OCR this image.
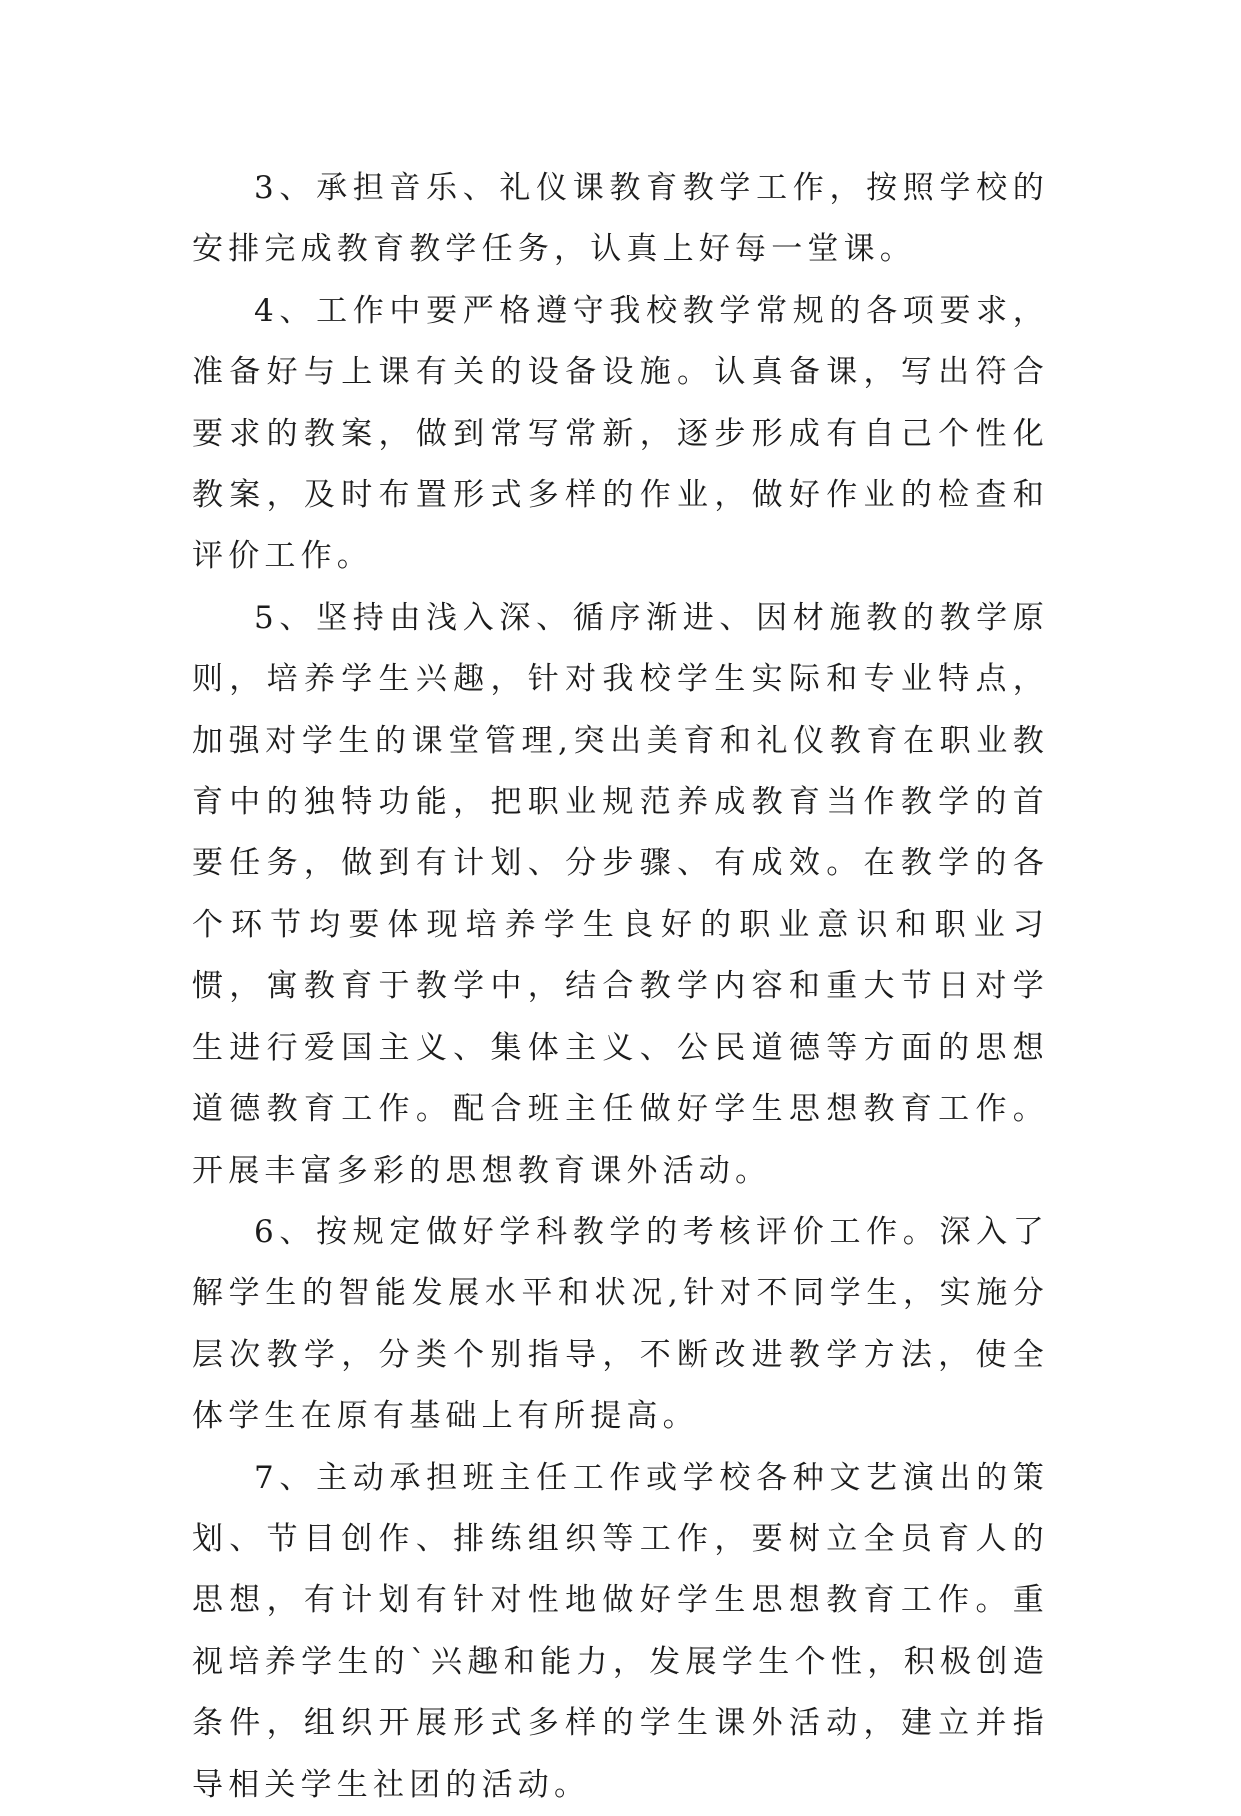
3、承担音乐、礼仪课教育教学工作，按照学校的安排完成教育教学任务，认真上好每一堂课。

4、工作中要严格遵守我校教学常规的各项要求，准备好与上课有关的设备设施。认真备课，写出符合要求的教案，做到常写常新，逐步形成有自己个性化教案，及时布置形式多样的作业，做好作业的检查和评价工作。

5、坚持由浅入深、循序渐进、因材施教的教学原则，培养学生兴趣，针对我校学生实际和专业特点，加强对学生的课堂管理,突出美育和礼仪教育在职业教育中的独特功能，把职业规范养成教育当作教学的首要任务，做到有计划、分步骤、有成效。在教学的各个环节均要体现培养学生良好的职业意识和职业习惯，寓教育于教学中，结合教学内容和重大节日对学生进行爱国主义、集体主义、公民道德等方面的思想道德教育工作。配合班主任做好学生思想教育工作。开展丰富多彩的思想教育课外活动。

6、按规定做好学科教学的考核评价工作。深入了解学生的智能发展水平和状况,针对不同学生，实施分层次教学，分类个别指导，不断改进教学方法，使全体学生在原有基础上有所提高。

7、主动承担班主任工作或学校各种文艺演出的策划、节目创作、排练组织等工作，要树立全员育人的思想，有计划有针对性地做好学生思想教育工作。重视培养学生的`兴趣和能力，发展学生个性，积极创造条件，组织开展形式多样的学生课外活动，建立并指导相关学生社团的活动。
